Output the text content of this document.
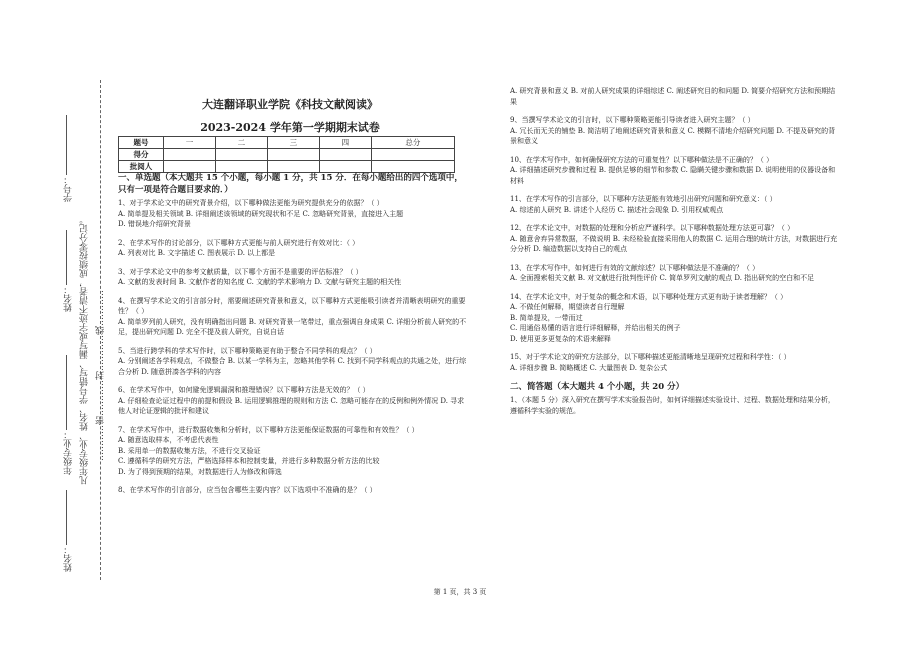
学号：
姓名：
年级专业：
姓名：
凡年级专业、姓名、学号错写、漏写或字迹不清者，成绩按零分记。 …………密…………封…………线…………
大连翻译职业学院《科技文献阅读》
2023-2024 学年第一学期期末试卷
题号	一	二	三	四	总分
得分					
批阅人					
一、单选题（本大题共 15 个小题，每小题 1 分，共 15 分．在每小题给出的四个选项中，只有一项是符合题目要求的．）

1、对于学术论文中的研究背景介绍，以下哪种做法更能为研究提供充分的依据？（ ）

A. 简单提及相关领域 B. 详细阐述该领域的研究现状和不足 C. 忽略研究背景，直接进入主题

D. 错误地介绍研究背景

2、在学术写作的讨论部分，以下哪种方式更能与前人研究进行有效对比：（ ）

A. 列表对比 B. 文字描述 C. 图表展示 D. 以上都是

3、对于学术论文中的参考文献质量，以下哪个方面不是重要的评估标准？（ ）

A. 文献的发表时间 B. 文献作者的知名度 C. 文献的学术影响力 D. 文献与研究主题的相关性

4、在撰写学术论文的引言部分时，需要阐述研究背景和意义，以下哪种方式更能吸引读者并清晰表明研究的重要性？（ ）

A. 简单罗列前人研究，没有明确指出问题 B. 对研究背景一笔带过，重点强调自身成果 C. 详细分析前人研究的不足，提出研究问题 D. 完全不提及前人研究，自说自话

5、当进行跨学科的学术写作时，以下哪种策略更有助于整合不同学科的观点？（ ）

A. 分别阐述各学科观点，不做整合 B. 以某一学科为主，忽略其他学科 C. 找到不同学科观点的共通之处，进行综合分析 D. 随意拼凑各学科的内容

6、在学术写作中，如何避免逻辑漏洞和推理错误？以下哪种方法是无效的？（ ）

A. 仔细检查论证过程中的前提和假设 B. 运用逻辑推理的规则和方法 C. 忽略可能存在的反例和例外情况 D. 寻求他人对论证逻辑的批评和建议

7、在学术写作中，进行数据收集和分析时，以下哪种方法更能保证数据的可靠性和有效性？（ ）

A. 随意选取样本，不考虑代表性

B. 采用单一的数据收集方法，不进行交叉验证

C. 遵循科学的研究方法，严格选择样本和控制变量，并进行多种数据分析方法的比较

D. 为了得到预期的结果，对数据进行人为修改和筛选

8、在学术写作的引言部分，应当包含哪些主要内容？以下选项中不准确的是？（ ）

A. 研究背景和意义 B. 对前人研究成果的详细综述 C. 阐述研究目的和问题 D. 简要介绍研究方法和预期结果

9、当撰写学术论文的引言时，以下哪种策略更能引导读者进入研究主题？（ ）

A. 冗长而无关的铺垫 B. 简洁明了地阐述研究背景和意义 C. 模糊不清地介绍研究问题 D. 不提及研究的背景和意义

10、在学术写作中，如何确保研究方法的可重复性？以下哪种做法是不正确的？（ ）

A. 详细描述研究步骤和过程 B. 提供足够的细节和参数 C. 隐瞒关键步骤和数据 D. 说明使用的仪器设备和材料

11、在学术写作的引言部分，以下哪种方法更能有效地引出研究问题和研究意义：（ ）

A. 综述前人研究 B. 讲述个人经历 C. 描述社会现象 D. 引用权威观点

12、在学术论文中，对数据的处理和分析应严谨科学。以下哪种数据处理方法更可靠？（ ）

A. 随意舍弃异常数据，不做说明 B. 未经检验直接采用他人的数据 C. 运用合理的统计方法，对数据进行充分分析 D. 编造数据以支持自己的观点

13、在学术写作中，如何进行有效的文献综述？以下哪种做法是不准确的？（ ）

A. 全面搜索相关文献 B. 对文献进行批判性评价 C. 简单罗列文献的观点 D. 指出研究的空白和不足

14、在学术论文中，对于复杂的概念和术语，以下哪种处理方式更有助于读者理解？（ ）

A. 不做任何解释，期望读者自行理解

B. 简单提及，一带而过

C. 用通俗易懂的语言进行详细解释，并给出相关的例子

D. 使用更多更复杂的术语来解释

15、对于学术论文的研究方法部分，以下哪种描述更能清晰地呈现研究过程和科学性：（ ）

A. 详细步骤 B. 简略概述 C. 大量图表 D. 复杂公式

二、简答题（本大题共 4 个小题，共 20 分）

1、（本题 5 分）深入研究在撰写学术实验报告时，如何详细描述实验设计、过程、数据处理和结果分析，遵循科学实验的规范。

第 1 页，共 3 页
